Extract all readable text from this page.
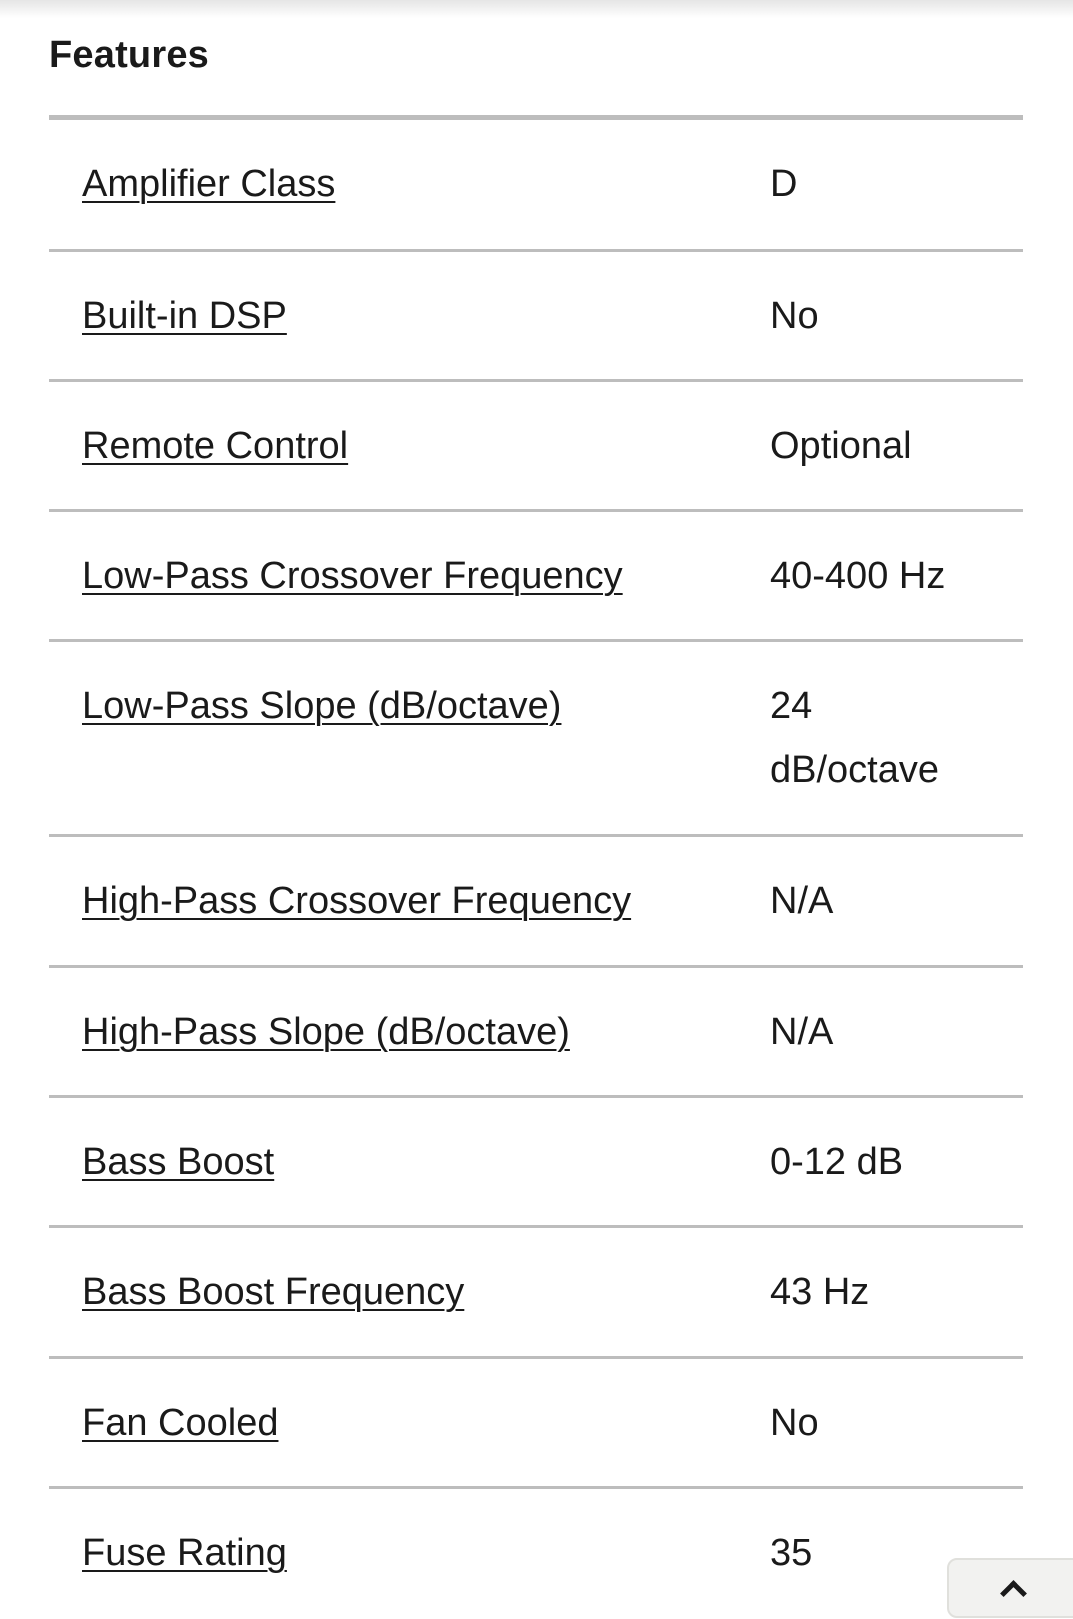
Features
Amplifier Class	D
Built-in DSP	No
Remote Control	Optional
Low-Pass Crossover Frequency	40-400 Hz
Low-Pass Slope (dB/octave)	24 dB/octave
High-Pass Crossover Frequency	N/A
High-Pass Slope (dB/octave)	N/A
Bass Boost	0-12 dB
Bass Boost Frequency	43 Hz
Fan Cooled	No
Fuse Rating	35
